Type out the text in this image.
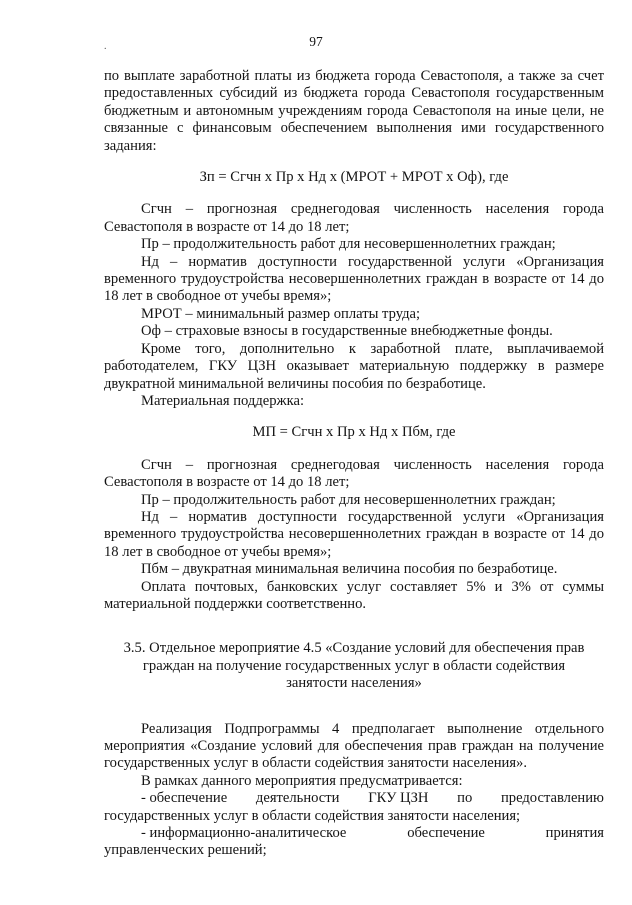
97
.

по выплате заработной платы из бюджета города Севастополя, а также за счет предоставленных субсидий из бюджета города Севастополя государственным бюджетным и автономным учреждениям города Севастополя на иные цели, не связанные с финансовым обеспечением выполнения ими государственного задания:

Зп = Сгчн х Пр х Нд х (МРОТ + МРОТ х Оф), где

Сгчн – прогнозная среднегодовая численность населения города Севастополя в возрасте от 14 до 18 лет;

Пр – продолжительность работ для несовершеннолетних граждан;

Нд – норматив доступности государственной услуги «Организация временного трудоустройства несовершеннолетних граждан в возрасте от 14 до 18 лет в свободное от учебы время»;

МРОТ – минимальный размер оплаты труда;

Оф – страховые взносы в государственные внебюджетные фонды.

Кроме того, дополнительно к заработной плате, выплачиваемой работодателем, ГКУ ЦЗН оказывает материальную поддержку в размере двукратной минимальной величины пособия по безработице.

Материальная поддержка:

МП = Сгчн х Пр х Нд х Пбм, где

Сгчн – прогнозная среднегодовая численность населения города Севастополя в возрасте от 14 до 18 лет;

Пр – продолжительность работ для несовершеннолетних граждан;

Нд – норматив доступности государственной услуги «Организация временного трудоустройства несовершеннолетних граждан в возрасте от 14 до 18 лет в свободное от учебы время»;

Пбм – двукратная минимальная величина пособия по безработице.

Оплата почтовых, банковских услуг составляет 5% и 3% от суммы материальной поддержки соответственно.

3.5. Отдельное мероприятие 4.5 «Создание условий для обеспечения прав
граждан на получение государственных услуг в области содействия
занятости населения»

Реализация Подпрограммы 4 предполагает выполнение отдельного мероприятия «Создание условий для обеспечения прав граждан на получение государственных услуг в области содействия занятости населения».

В рамках данного мероприятия предусматривается:

- обеспечение деятельности ГКУ ЦЗН по предоставлению

государственных услуг в области содействия занятости населения;

- информационно-аналитическое	обеспечение	принятия

управленческих решений;
